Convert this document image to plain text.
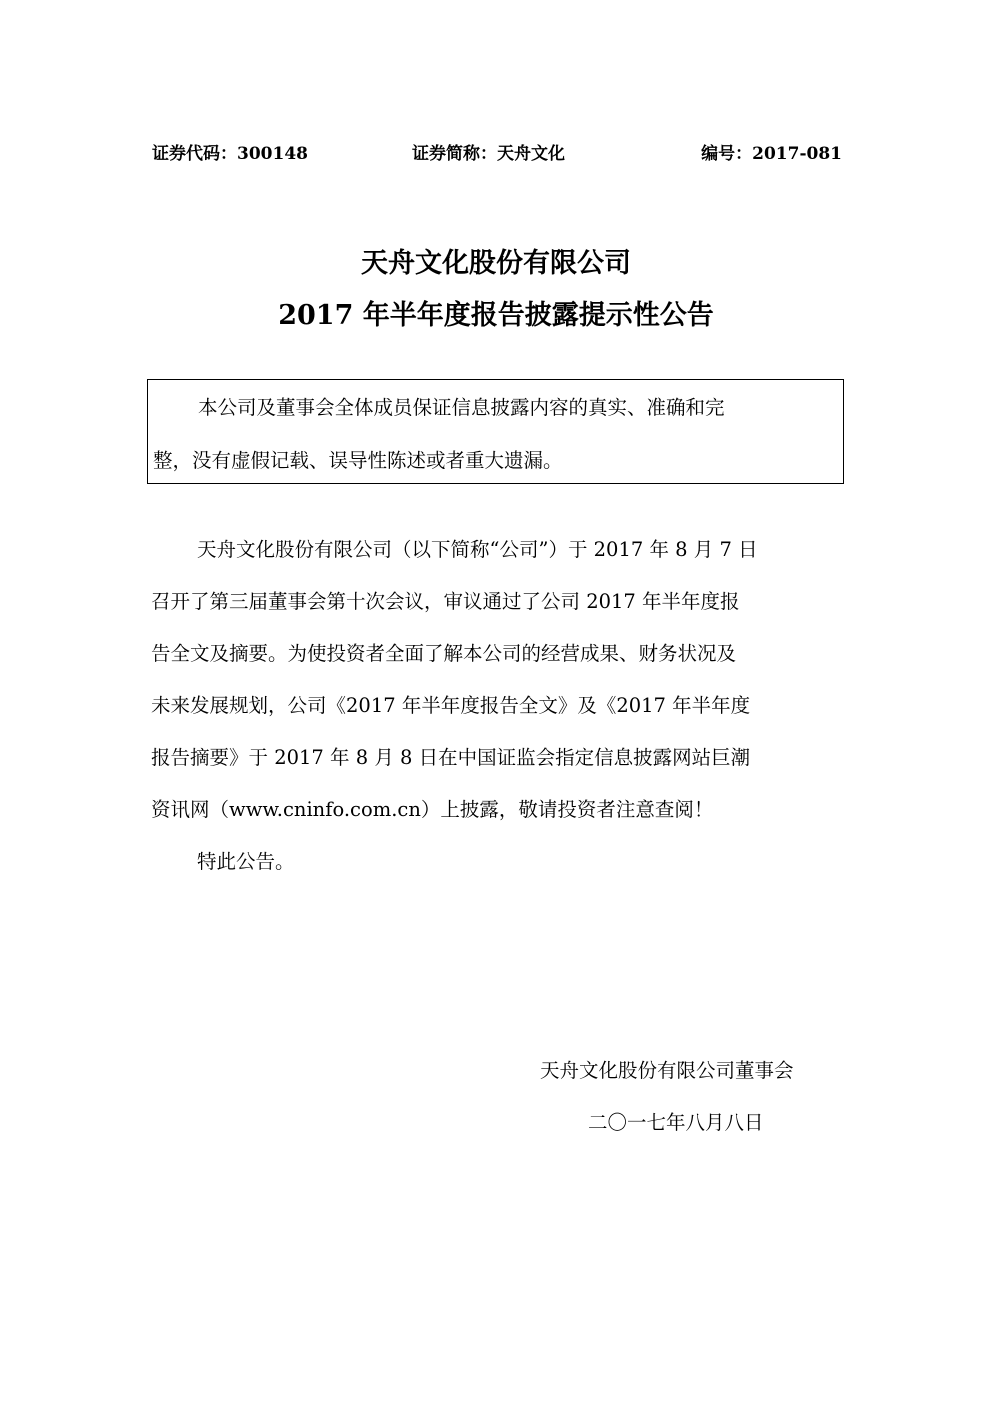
证券代码：300148	证券简称：天舟文化	编号：2017-081
天舟文化股份有限公司
2017 年半年度报告披露提示性公告
本公司及董事会全体成员保证信息披露内容的真实、准确和完
整，没有虚假记载、误导性陈述或者重大遗漏。
天舟文化股份有限公司（以下简称“公司”）于 2017 年 8 月 7 日
召开了第三届董事会第十次会议，审议通过了公司 2017 年半年度报
告全文及摘要。为使投资者全面了解本公司的经营成果、财务状况及
未来发展规划，公司《2017 年半年度报告全文》及《2017 年半年度
报告摘要》于 2017 年 8 月 8 日在中国证监会指定信息披露网站巨潮
资讯网（www.cninfo.com.cn）上披露，敬请投资者注意查阅！
特此公告。
天舟文化股份有限公司董事会
二〇一七年八月八日
